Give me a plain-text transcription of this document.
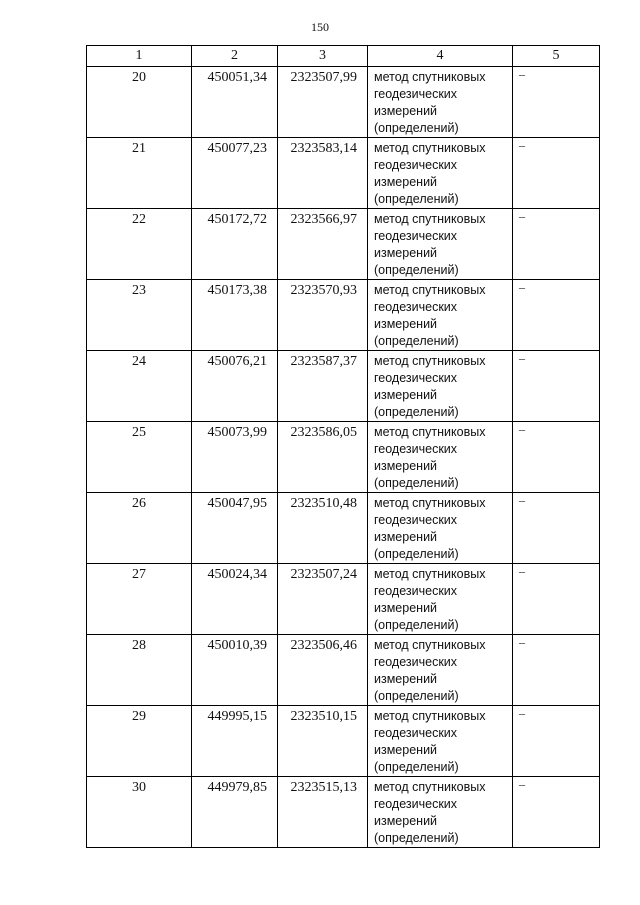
150
1	2	3	4	5
20	450051,34	2323507,99	метод спутниковых
геодезических
измерений
(определений)	–
21	450077,23	2323583,14	метод спутниковых
геодезических
измерений
(определений)	–
22	450172,72	2323566,97	метод спутниковых
геодезических
измерений
(определений)	–
23	450173,38	2323570,93	метод спутниковых
геодезических
измерений
(определений)	–
24	450076,21	2323587,37	метод спутниковых
геодезических
измерений
(определений)	–
25	450073,99	2323586,05	метод спутниковых
геодезических
измерений
(определений)	–
26	450047,95	2323510,48	метод спутниковых
геодезических
измерений
(определений)	–
27	450024,34	2323507,24	метод спутниковых
геодезических
измерений
(определений)	–
28	450010,39	2323506,46	метод спутниковых
геодезических
измерений
(определений)	–
29	449995,15	2323510,15	метод спутниковых
геодезических
измерений
(определений)	–
30	449979,85	2323515,13	метод спутниковых
геодезических
измерений
(определений)	–
